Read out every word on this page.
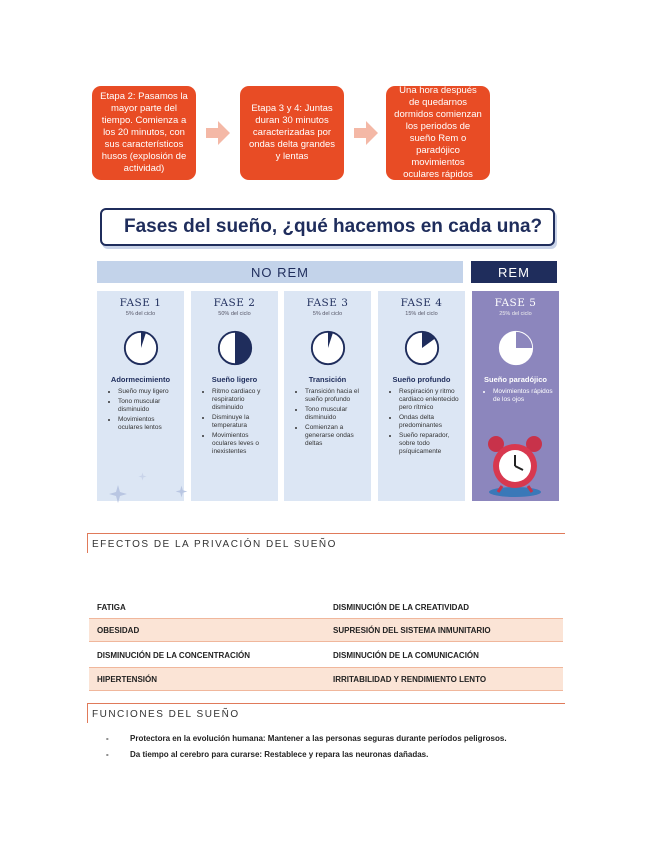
Etapa 2: Pasamos la mayor parte del tiempo. Comienza a los 20 minutos, con sus característicos husos (explosión de actividad)
Etapa 3 y 4: Juntas duran 30 minutos caracterizadas por ondas delta grandes y lentas
Una hora después de quedarnos dormidos comienzan los periodos de sueño Rem o paradójico movimientos oculares rápidos
Fases del sueño, ¿qué hacemos en cada una?
NO REM	REM
FASE 1
5% del ciclo
Adormecimiento
• Sueño muy ligero
• Tono muscular disminuido
• Movimientos oculares lentos
FASE 2
50% del ciclo
Sueño ligero
• Ritmo cardiaco y respiratorio disminuido
• Disminuye la temperatura
• Movimientos oculares leves o inexistentes
FASE 3
5% del ciclo
Transición
• Transición hacia el sueño profundo
• Tono muscular disminuido
• Comienzan a generarse ondas deltas
FASE 4
15% del ciclo
Sueño profundo
• Respiración y ritmo cardiaco enlentecido pero rítmico
• Ondas delta predominantes
• Sueño reparador, sobre todo psíquicamente
FASE 5
25% del ciclo
Sueño paradójico
• Movimientos rápidos de los ojos
EFECTOS DE LA PRIVACIÓN DEL SUEÑO
FATIGA	DISMINUCIÓN DE LA CREATIVIDAD
OBESIDAD	SUPRESIÓN DEL SISTEMA INMUNITARIO
DISMINUCIÓN DE LA CONCENTRACIÓN	DISMINUCIÓN DE LA COMUNICACIÓN
HIPERTENSIÓN	IRRITABILIDAD Y RENDIMIENTO LENTO
FUNCIONES DEL SUEÑO
-	Protectora en la evolución humana: Mantener a las personas seguras durante períodos peligrosos.
-	Da tiempo al cerebro para curarse: Restablece y repara las neuronas dañadas.
